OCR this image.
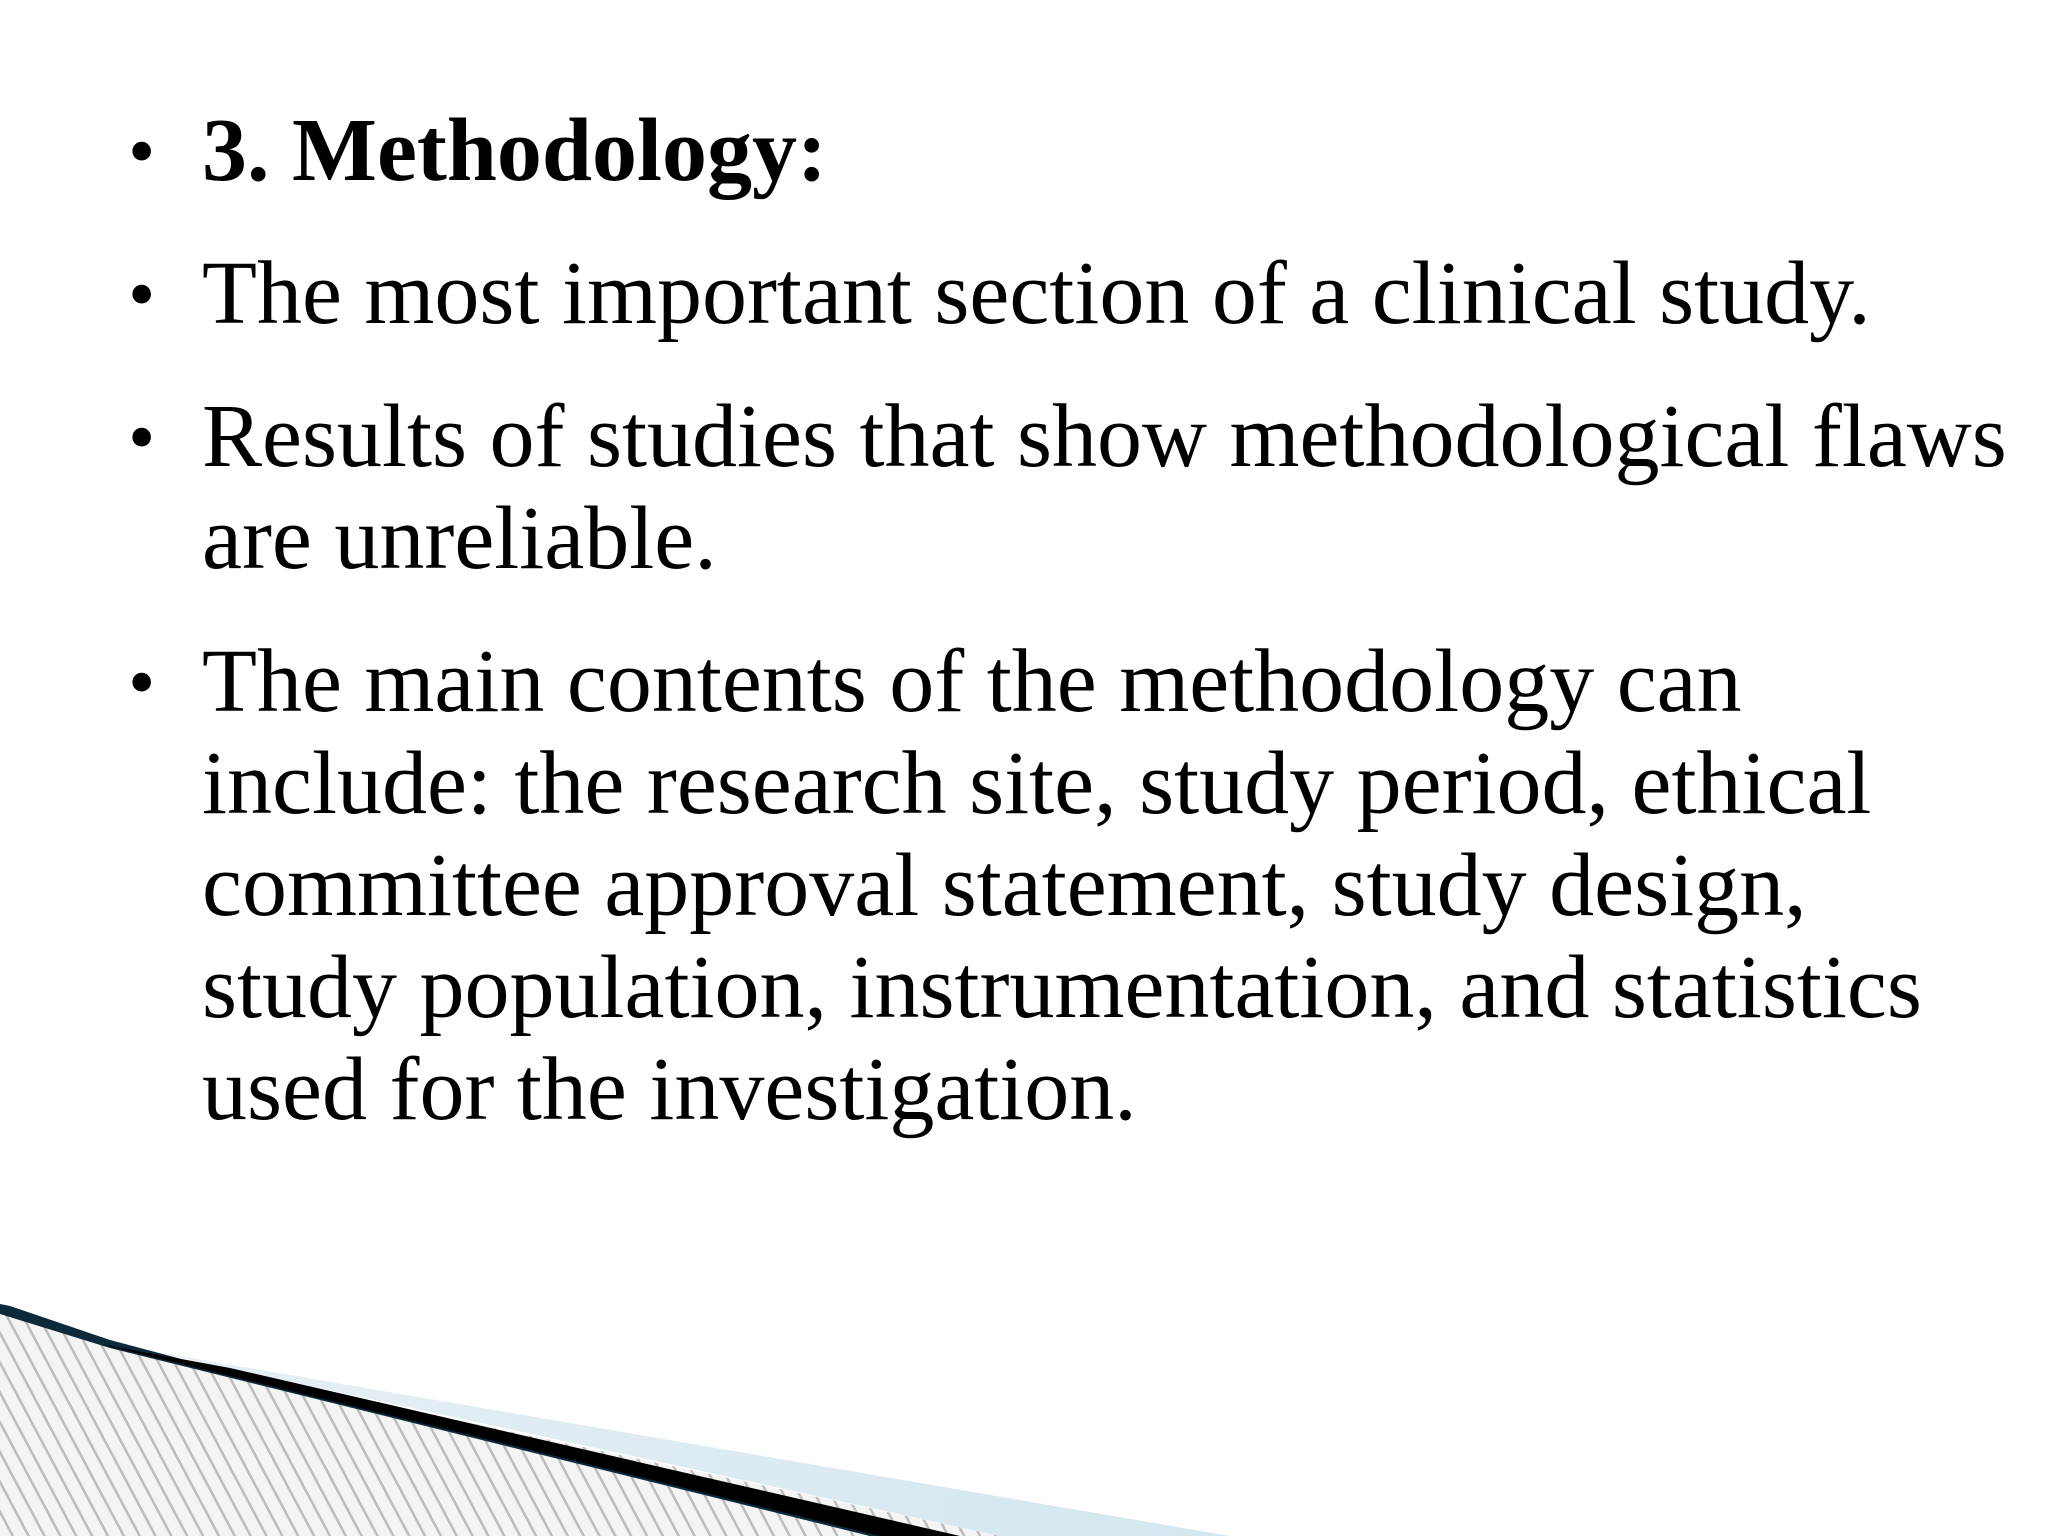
• 3. Methodology:
• The most important section of a clinical study.
• Results of studies that show methodological flaws are unreliable.
• The main contents of the methodology can include: the research site, study period, ethical committee approval statement, study design, study population, instrumentation, and statistics used for the investigation.
